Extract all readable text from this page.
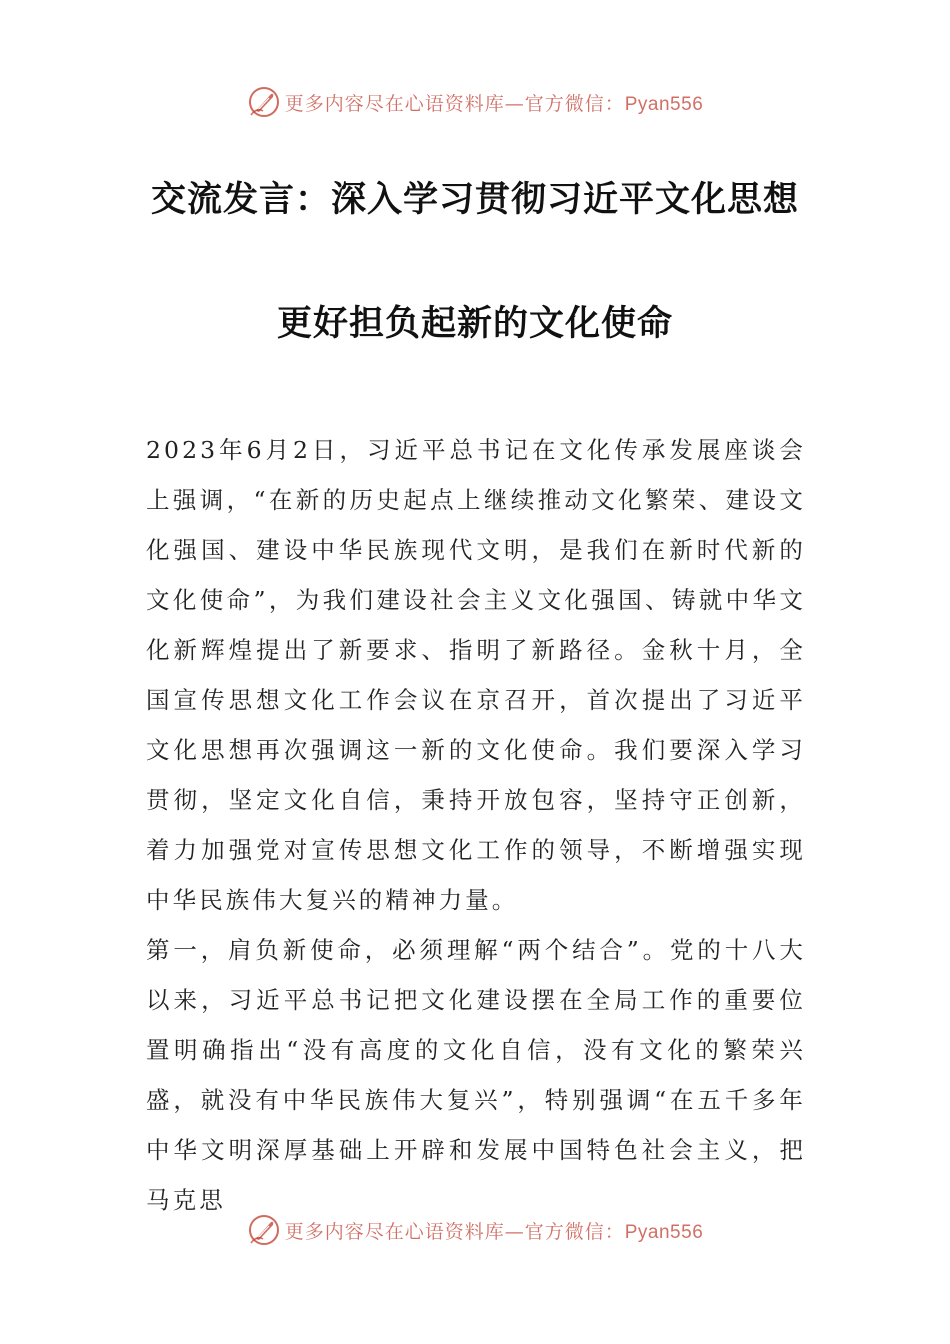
更多内容尽在心语资料库—官方微信：Pyan556
交流发言：深入学习贯彻习近平文化思想
更好担负起新的文化使命

2023年6月2日，习近平总书记在文化传承发展座谈会上强调，“在新的历史起点上继续推动文化繁荣、建设文化强国、建设中华民族现代文明，是我们在新时代新的文化使命”，为我们建设社会主义文化强国、铸就中华文化新辉煌提出了新要求、指明了新路径。金秋十月，全国宣传思想文化工作会议在京召开，首次提出了习近平文化思想再次强调这一新的文化使命。我们要深入学习贯彻，坚定文化自信，秉持开放包容，坚持守正创新，着力加强党对宣传思想文化工作的领导，不断增强实现中华民族伟大复兴的精神力量。

第一，肩负新使命，必须理解“两个结合”。党的十八大以来，习近平总书记把文化建设摆在全局工作的重要位置明确指出“没有高度的文化自信，没有文化的繁荣兴盛，就没有中华民族伟大复兴”，特别强调“在五千多年中华文明深厚基础上开辟和发展中国特色社会主义，把马克思

更多内容尽在心语资料库—官方微信：Pyan556
